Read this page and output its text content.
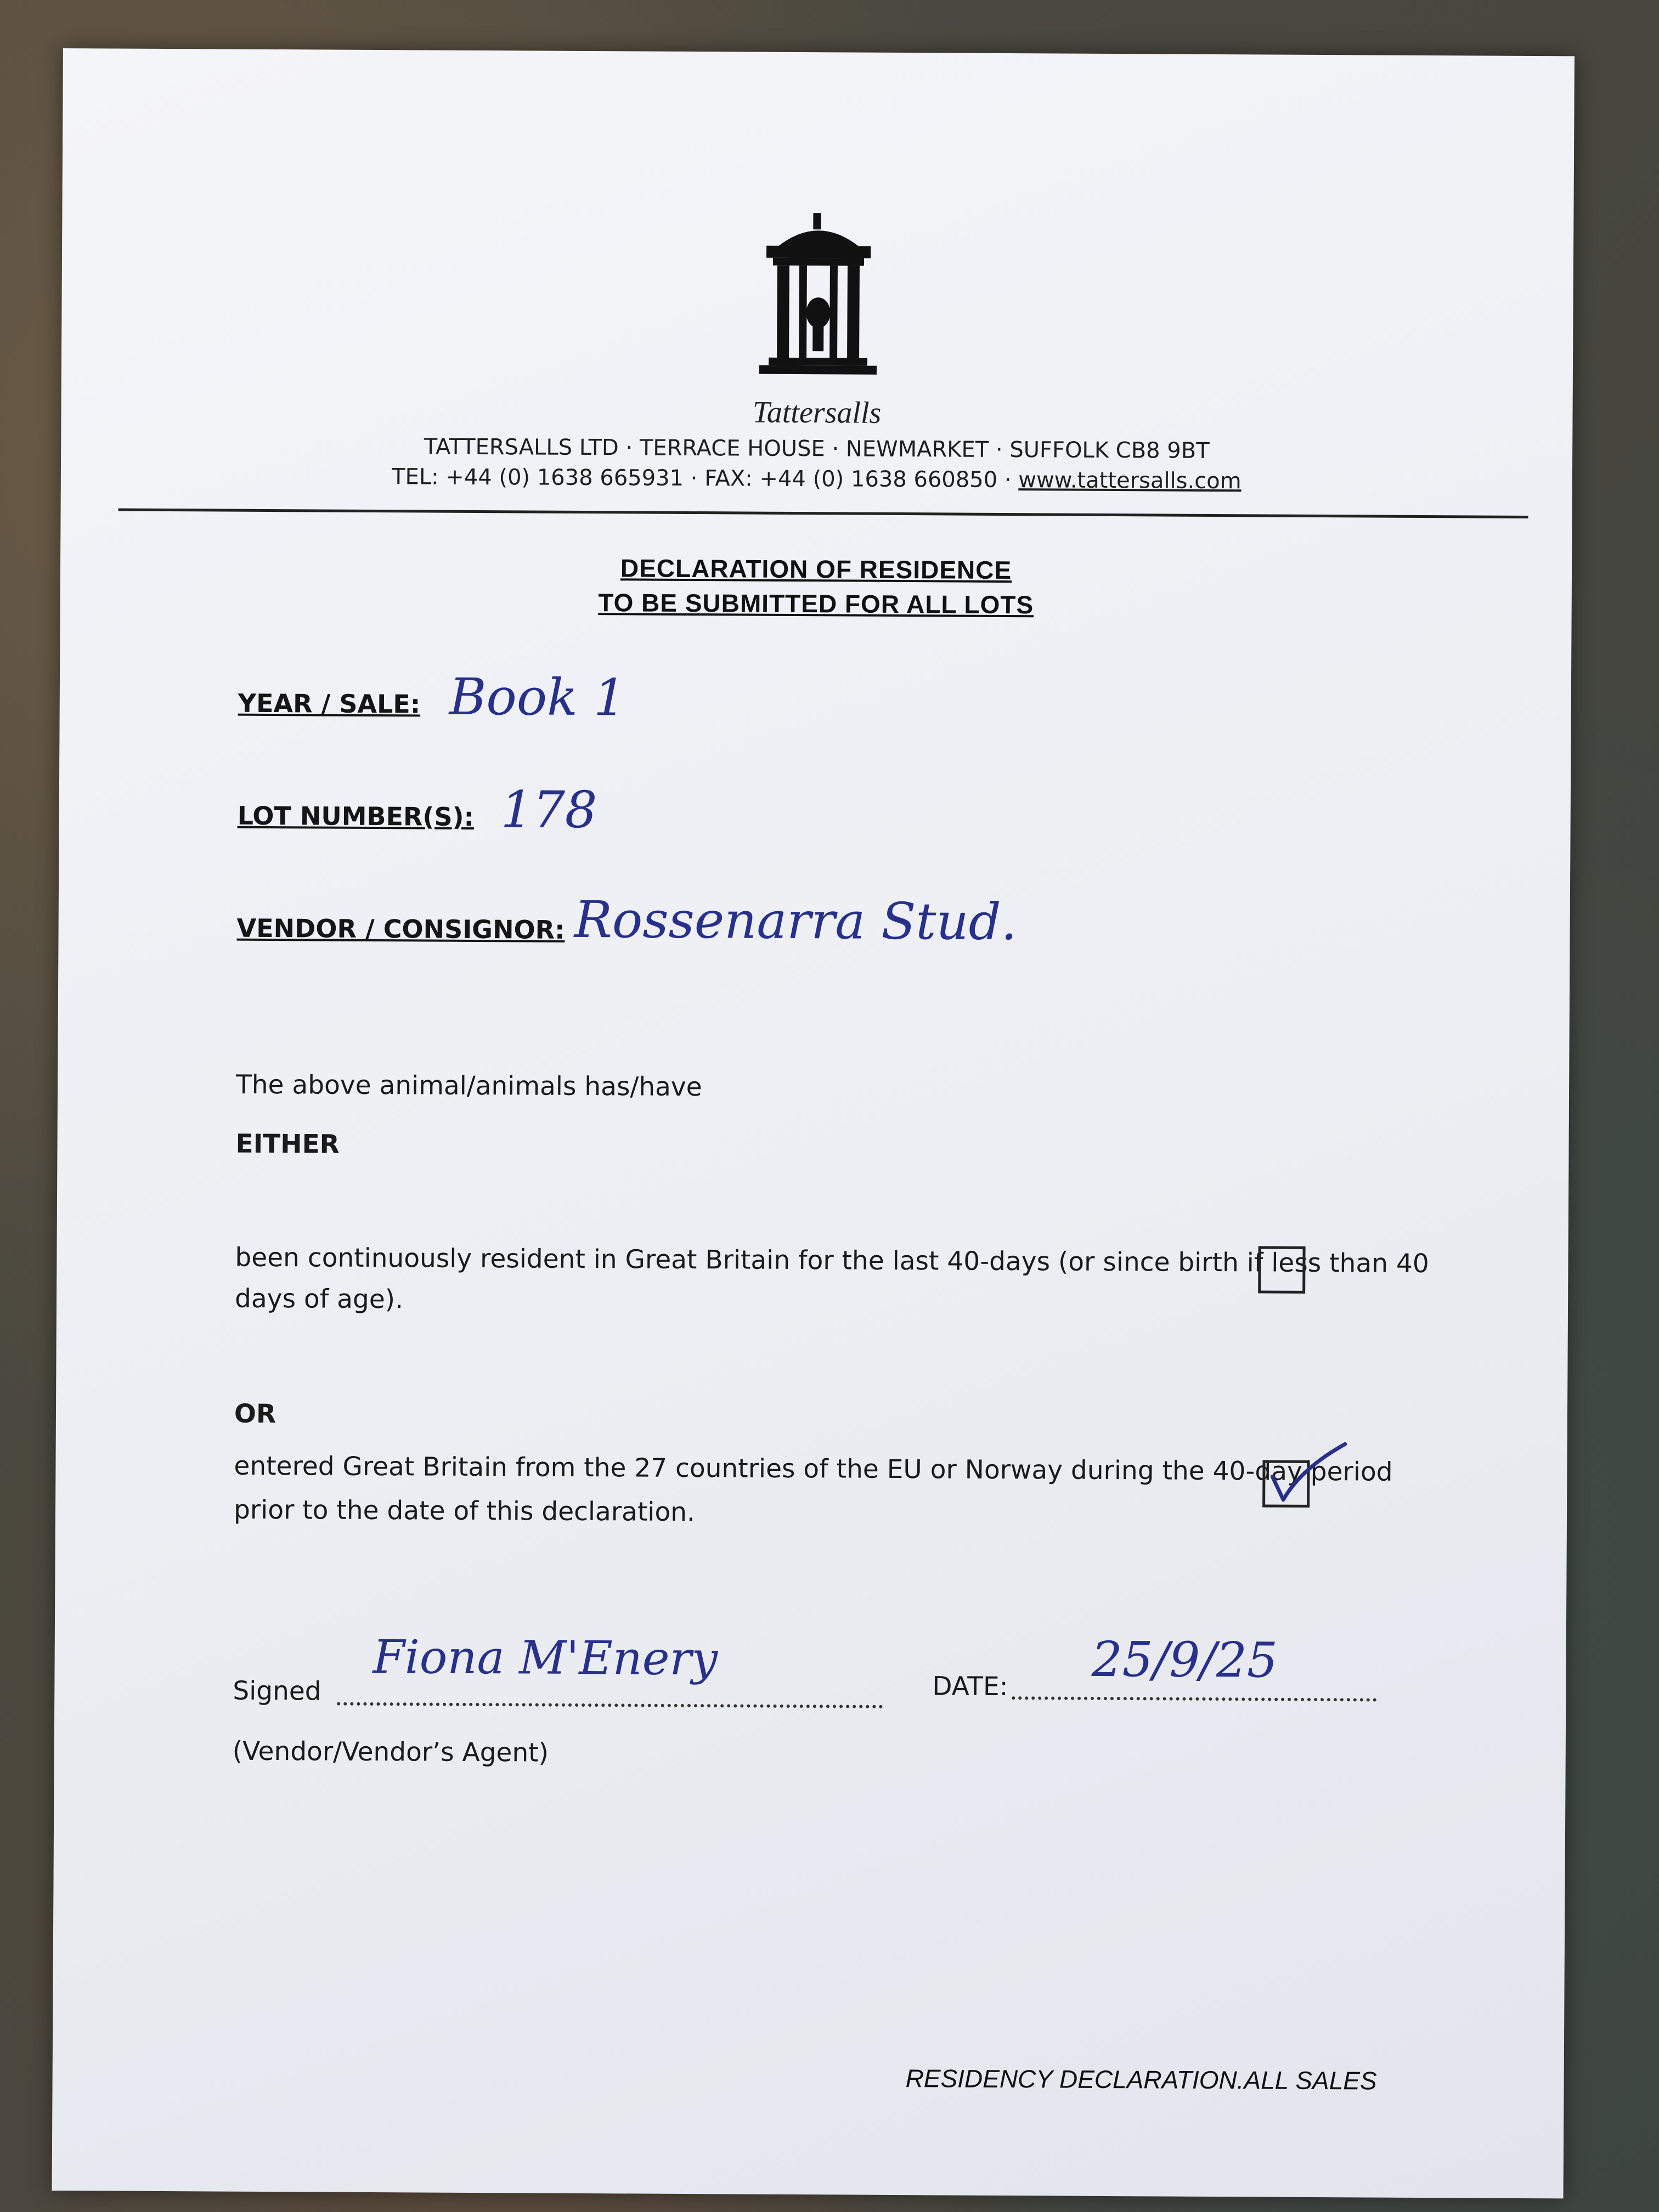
Tattersalls
TATTERSALLS LTD · TERRACE HOUSE · NEWMARKET · SUFFOLK CB8 9BT
TEL: +44 (0) 1638 665931 · FAX: +44 (0) 1638 660850 · www.tattersalls.com
DECLARATION OF RESIDENCE
TO BE SUBMITTED FOR ALL LOTS
YEAR / SALE: Book 1
LOT NUMBER(S): 178
VENDOR / CONSIGNOR: Rossenarra Stud.
The above animal/animals has/have
EITHER
been continuously resident in Great Britain for the last 40-days (or since birth if less than 40
days of age).
OR
entered Great Britain from the 27 countries of the EU or Norway during the 40-day period
prior to the date of this declaration.
Signed
Fiona M'Enery
DATE: 25/9/25
(Vendor/Vendor’s Agent)
RESIDENCY DECLARATION.ALL SALES
